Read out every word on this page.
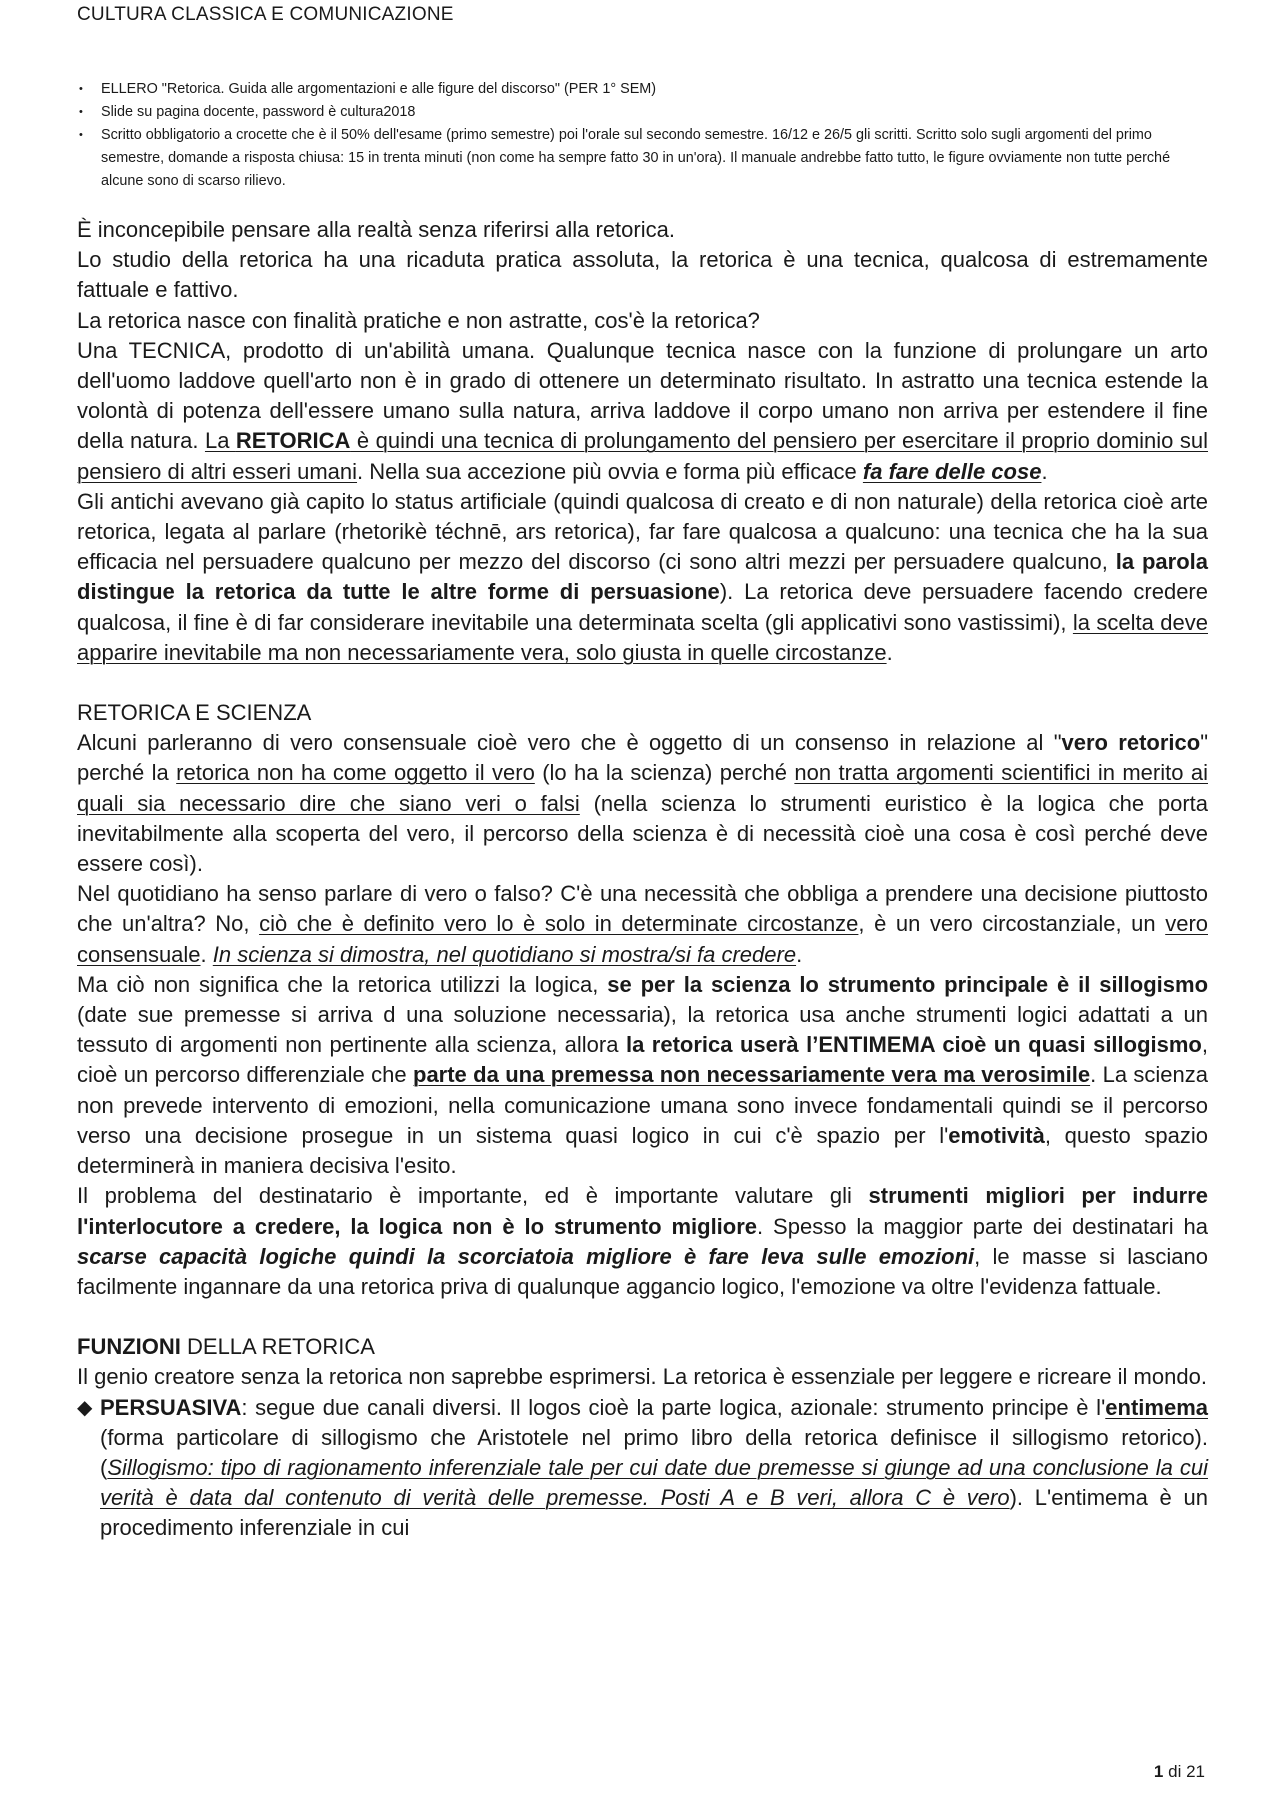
CULTURA CLASSICA E COMUNICAZIONE
• ELLERO "Retorica. Guida alle argomentazioni e alle figure del discorso" (PER 1° SEM)
• Slide su pagina docente, password è cultura2018
• Scritto obbligatorio a crocette che è il 50% dell'esame (primo semestre) poi l'orale sul secondo semestre. 16/12 e 26/5 gli scritti. Scritto solo sugli argomenti del primo semestre, domande a risposta chiusa: 15 in trenta minuti (non come ha sempre fatto 30 in un'ora). Il manuale andrebbe fatto tutto, le figure ovviamente non tutte perché alcune sono di scarso rilievo.

È inconcepibile pensare alla realtà senza riferirsi alla retorica.

Lo studio della retorica ha una ricaduta pratica assoluta, la retorica è una tecnica, qualcosa di estremamente fattuale e fattivo.

La retorica nasce con finalità pratiche e non astratte, cos'è la retorica?

Una TECNICA, prodotto di un'abilità umana. Qualunque tecnica nasce con la funzione di prolungare un arto dell'uomo laddove quell'arto non è in grado di ottenere un determinato risultato. In astratto una tecnica estende la volontà di potenza dell'essere umano sulla natura, arriva laddove il corpo umano non arriva per estendere il fine della natura. La RETORICA è quindi una tecnica di prolungamento del pensiero per esercitare il proprio dominio sul pensiero di altri esseri umani. Nella sua accezione più ovvia e forma più efficace fa fare delle cose.

Gli antichi avevano già capito lo status artificiale (quindi qualcosa di creato e di non naturale) della retorica cioè arte retorica, legata al parlare (rhetorikè téchnē, ars retorica), far fare qualcosa a qualcuno: una tecnica che ha la sua efficacia nel persuadere qualcuno per mezzo del discorso (ci sono altri mezzi per persuadere qualcuno, la parola distingue la retorica da tutte le altre forme di persuasione). La retorica deve persuadere facendo credere qualcosa, il fine è di far considerare inevitabile una determinata scelta (gli applicativi sono vastissimi), la scelta deve apparire inevitabile ma non necessariamente vera, solo giusta in quelle circostanze.

RETORICA E SCIENZA

Alcuni parleranno di vero consensuale cioè vero che è oggetto di un consenso in relazione al "vero retorico" perché la retorica non ha come oggetto il vero (lo ha la scienza) perché non tratta argomenti scientifici in merito ai quali sia necessario dire che siano veri o falsi (nella scienza lo strumenti euristico è la logica che porta inevitabilmente alla scoperta del vero, il percorso della scienza è di necessità cioè una cosa è così perché deve essere così).

Nel quotidiano ha senso parlare di vero o falso? C'è una necessità che obbliga a prendere una decisione piuttosto che un'altra? No, ciò che è definito vero lo è solo in determinate circostanze, è un vero circostanziale, un vero consensuale. In scienza si dimostra, nel quotidiano si mostra/si fa credere.

Ma ciò non significa che la retorica utilizzi la logica, se per la scienza lo strumento principale è il sillogismo (date sue premesse si arriva d una soluzione necessaria), la retorica usa anche strumenti logici adattati a un tessuto di argomenti non pertinente alla scienza, allora la retorica userà l’ENTIMEMA cioè un quasi sillogismo, cioè un percorso differenziale che parte da una premessa non necessariamente vera ma verosimile. La scienza non prevede intervento di emozioni, nella comunicazione umana sono invece fondamentali quindi se il percorso verso una decisione prosegue in un sistema quasi logico in cui c'è spazio per l'emotività, questo spazio determinerà in maniera decisiva l'esito.

Il problema del destinatario è importante, ed è importante valutare gli strumenti migliori per indurre l'interlocutore a credere, la logica non è lo strumento migliore. Spesso la maggior parte dei destinatari ha scarse capacità logiche quindi la scorciatoia migliore è fare leva sulle emozioni, le masse si lasciano facilmente ingannare da una retorica priva di qualunque aggancio logico, l'emozione va oltre l'evidenza fattuale.

FUNZIONI DELLA RETORICA

Il genio creatore senza la retorica non saprebbe esprimersi. La retorica è essenziale per leggere e ricreare il mondo.

◆ PERSUASIVA: segue due canali diversi. Il logos cioè la parte logica, azionale: strumento principe è l'entimema (forma particolare di sillogismo che Aristotele nel primo libro della retorica definisce il sillogismo retorico). (Sillogismo: tipo di ragionamento inferenziale tale per cui date due premesse si giunge ad una conclusione la cui verità è data dal contenuto di verità delle premesse. Posti A e B veri, allora C è vero). L'entimema è un procedimento inferenziale in cui

1 di 21
